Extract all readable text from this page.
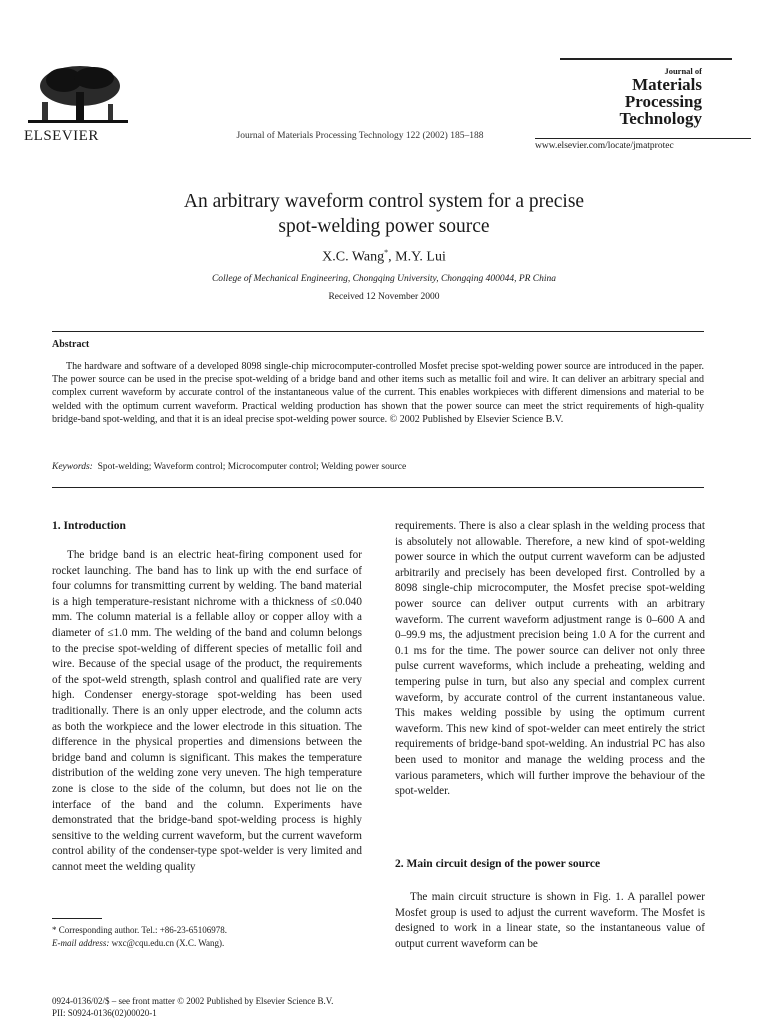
ELSEVIER	Journal of Materials Processing Technology 122 (2002) 185–188
Journal of
Materials
Processing
Technology
www.elsevier.com/locate/jmatprotec
An arbitrary waveform control system for a precise
spot-welding power source
X.C. Wang*, M.Y. Lui
College of Mechanical Engineering, Chongqing University, Chongqing 400044, PR China
Received 12 November 2000
Abstract
The hardware and software of a developed 8098 single-chip microcomputer-controlled Mosfet precise spot-welding power source are introduced in the paper. The power source can be used in the precise spot-welding of a bridge band and other items such as metallic foil and wire. It can deliver an arbitrary special and complex current waveform by accurate control of the instantaneous value of the current. This enables workpieces with different dimensions and material to be welded with the optimum current waveform. Practical welding production has shown that the power source can meet the strict requirements of high-quality bridge-band spot-welding, and that it is an ideal precise spot-welding power source. © 2002 Published by Elsevier Science B.V.
Keywords: Spot-welding; Waveform control; Microcomputer control; Welding power source
1. Introduction

The bridge band is an electric heat-firing component used for rocket launching. The band has to link up with the end surface of four columns for transmitting current by welding. The band material is a high temperature-resistant nichrome with a thickness of ≤0.040 mm. The column material is a fellable alloy or copper alloy with a diameter of ≤1.0 mm. The welding of the band and column belongs to the precise spot-welding of different species of metallic foil and wire. Because of the special usage of the product, the requirements of the spot-weld strength, splash control and qualified rate are very high. Condenser energy-storage spot-welding has been used traditionally. There is an only upper electrode, and the column acts as both the workpiece and the lower electrode in this situation. The difference in the physical properties and dimensions between the bridge band and column is significant. This makes the temperature distribution of the welding zone very uneven. The high temperature zone is close to the side of the column, but does not lie on the interface of the band and the column. Experiments have demonstrated that the bridge-band spot-welding process is highly sensitive to the welding current waveform, but the current waveform control ability of the condenser-type spot-welder is very limited and cannot meet the welding quality

requirements. There is also a clear splash in the welding process that is absolutely not allowable. Therefore, a new kind of spot-welding power source in which the output current waveform can be adjusted arbitrarily and precisely has been developed first. Controlled by a 8098 single-chip microcomputer, the Mosfet precise spot-welding power source can deliver output currents with an arbitrary waveform. The current waveform adjustment range is 0–600 A and 0–99.9 ms, the adjustment precision being 1.0 A for the current and 0.1 ms for the time. The power source can deliver not only three pulse current waveforms, which include a preheating, welding and tempering pulse in turn, but also any special and complex current waveform, by accurate control of the current instantaneous value. This makes welding possible by using the optimum current waveform. This new kind of spot-welder can meet entirely the strict requirements of bridge-band spot-welding. An industrial PC has also been used to monitor and manage the welding process and the various parameters, which will further improve the behaviour of the spot-welder.

2. Main circuit design of the power source

The main circuit structure is shown in Fig. 1. A parallel power Mosfet group is used to adjust the current waveform. The Mosfet is designed to work in a linear state, so the instantaneous value of output current waveform can be

* Corresponding author. Tel.: +86-23-65106978.
E-mail address: wxc@cqu.edu.cn (X.C. Wang).
0924-0136/02/$ – see front matter © 2002 Published by Elsevier Science B.V.
PII: S0924-0136(02)00020-1
